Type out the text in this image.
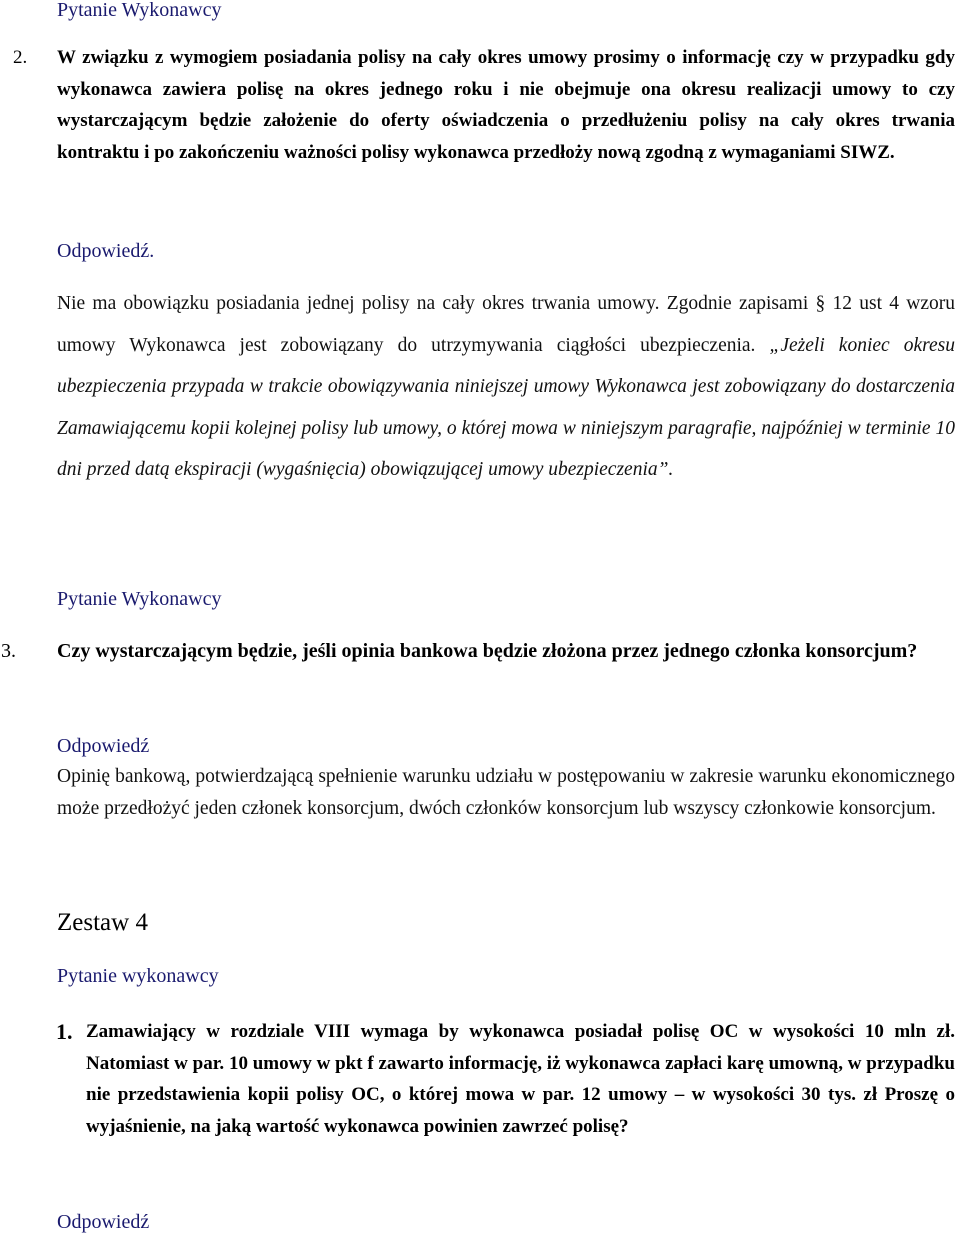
Pytanie Wykonawcy
2. W związku z wymogiem posiadania polisy na cały okres umowy prosimy o informację czy w przypadku gdy wykonawca zawiera polisę na okres jednego roku i nie obejmuje ona okresu realizacji umowy to czy wystarczającym będzie założenie do oferty oświadczenia o przedłużeniu polisy na cały okres trwania kontraktu i po zakończeniu ważności polisy wykonawca przedłoży nową zgodną z wymaganiami SIWZ.
Odpowiedź.
Nie ma obowiązku posiadania jednej polisy na cały okres trwania umowy. Zgodnie zapisami § 12 ust 4 wzoru umowy Wykonawca jest zobowiązany do utrzymywania ciągłości ubezpieczenia. „Jeżeli koniec okresu ubezpieczenia przypada w trakcie obowiązywania niniejszej umowy Wykonawca jest zobowiązany do dostarczenia Zamawiającemu kopii kolejnej polisy lub umowy, o której mowa w niniejszym paragrafie, najpóźniej w terminie 10 dni przed datą ekspiracji (wygaśnięcia) obowiązującej umowy ubezpieczenia”.
Pytanie Wykonawcy
3. Czy wystarczającym będzie, jeśli opinia bankowa będzie złożona przez jednego członka konsorcjum?
Odpowiedź
Opinię bankową, potwierdzającą spełnienie warunku udziału w postępowaniu w zakresie warunku ekonomicznego może przedłożyć jeden członek konsorcjum, dwóch członków konsorcjum lub wszyscy członkowie konsorcjum.
Zestaw 4
Pytanie wykonawcy
1. Zamawiający w rozdziale VIII wymaga by wykonawca posiadał polisę OC w wysokości 10 mln zł. Natomiast w par. 10 umowy w pkt f zawarto informację, iż wykonawca zapłaci karę umowną, w przypadku nie przedstawienia kopii polisy OC, o której mowa w par. 12 umowy – w wysokości 30 tys. zł Proszę o wyjaśnienie, na jaką wartość wykonawca powinien zawrzeć polisę?
Odpowiedź
